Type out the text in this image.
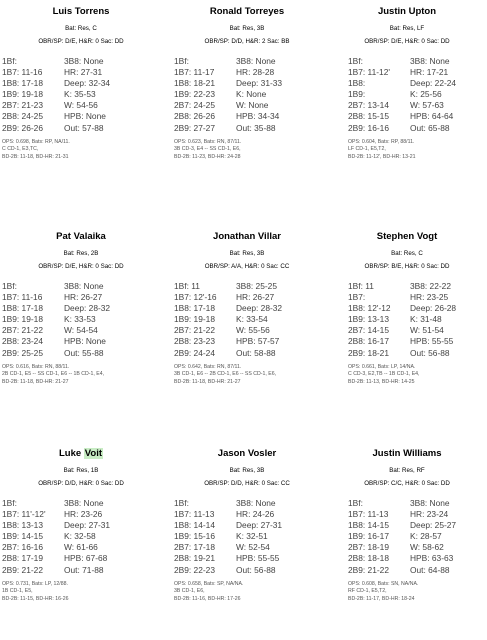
Luis Torrens
Bat: Res, C
OBR/SP: D/E, H&R: 0 Sac: DD
1Bf:	3B8: None
1B7: 11-16	HR: 27-31
1B8: 17-18	Deep: 32-34
1B9: 19-18	K: 35-53
2B7: 21-23	W: 54-56
2B8: 24-25	HPB: None
2B9: 26-26	Out: 57-88
OPS: 0.698, Bats: RP, NA/11.
C CD-1, E3,TC,
BD-2B: 11-18, BD-HR: 21-31
Ronald Torreyes
Bat: Res, 3B
OBR/SP: D/D, H&R: 2 Sac: BB
1Bf:	3B8: None
1B7: 11-17	HR: 28-28
1B8: 18-21	Deep: 31-33
1B9: 22-23	K: None
2B7: 24-25	W: None
2B8: 26-26	HPB: 34-34
2B9: 27-27	Out: 35-88
OPS: 0.623, Bats: RN, 87/11.
3B CD-3, E4 -- SS CD-1, E6,
BD-2B: 11-23, BD-HR: 24-28
Justin Upton
Bat: Res, LF
OBR/SP: D/E, H&R: 0 Sac: DD
1Bf:	3B8: None
1B7: 11-12' HR: 17-21
1B8:	Deep: 22-24
1B9:	K: 25-56
2B7: 13-14	W: 57-63
2B8: 15-15	HPB: 64-64
2B9: 16-16	Out: 65-88
OPS: 0.604, Bats: RP, 88/11.
LF CD-1, E5,T2,
BD-2B: 11-12', BD-HR: 13-21
Pat Valaika
Bat: Res, 2B
OBR/SP: D/E, H&R: 0 Sac: DD
1Bf:	3B8: None
1B7: 11-16	HR: 26-27
1B8: 17-18	Deep: 28-32
1B9: 19-18	K: 33-53
2B7: 21-22	W: 54-54
2B8: 23-24	HPB: None
2B9: 25-25	Out: 55-88
OPS: 0.616, Bats: RN, 88/11.
2B CD-1, E5 -- SS CD-1, E6 -- 1B CD-1, E4,
BD-2B: 11-18, BD-HR: 21-27
Jonathan Villar
Bat: Res, 3B
OBR/SP: A/A, H&R: 0 Sac: CC
1Bf: 11	3B8: 25-25
1B7: 12'-16 HR: 26-27
1B8: 17-18	Deep: 28-32
1B9: 19-18	K: 33-54
2B7: 21-22	W: 55-56
2B8: 23-23	HPB: 57-57
2B9: 24-24	Out: 58-88
OPS: 0.642, Bats: RN, 87/11.
3B CD-1, E6 -- 2B CD-1, E6 -- SS CD-1, E6,
BD-2B: 11-18, BD-HR: 21-27
Stephen Vogt
Bat: Res, C
OBR/SP: B/E, H&R: 0 Sac: DD
1Bf: 11	3B8: 22-22
1B7:	HR: 23-25
1B8: 12'-12 Deep: 26-28
1B9: 13-13	K: 31-48
2B7: 14-15	W: 51-54
2B8: 16-17	HPB: 55-55
2B9: 18-21	Out: 56-88
OPS: 0.661, Bats: LP, 14/NA.
C CD-3, E2,TB -- 1B CD-1, E4,
BD-2B: 11-13, BD-HR: 14-25
Luke Voit
Bat: Res, 1B
OBR/SP: D/D, H&R: 0 Sac: DD
1Bf:	3B8: None
1B7: 11'-12' HR: 23-26
1B8: 13-13	Deep: 27-31
1B9: 14-15	K: 32-58
2B7: 16-16	W: 61-66
2B8: 17-19	HPB: 67-68
2B9: 21-22	Out: 71-88
OPS: 0.731, Bats: LP, 12/88.
1B CD-1, E5,
BD-2B: 11-15, BD-HR: 16-26
Jason Vosler
Bat: Res, 3B
OBR/SP: D/D, H&R: 0 Sac: CC
1Bf:	3B8: None
1B7: 11-13	HR: 24-26
1B8: 14-14	Deep: 27-31
1B9: 15-16	K: 32-51
2B7: 17-18	W: 52-54
2B8: 19-21	HPB: 55-55
2B9: 22-23	Out: 56-88
OPS: 0.658, Bats: SP, NA/NA.
3B CD-1, E6,
BD-2B: 11-16, BD-HR: 17-26
Justin Williams
Bat: Res, RF
OBR/SP: C/C, H&R: 0 Sac: DD
1Bf:	3B8: None
1B7: 11-13	HR: 23-24
1B8: 14-15	Deep: 25-27
1B9: 16-17	K: 28-57
2B7: 18-19	W: 58-62
2B8: 18-18	HPB: 63-63
2B9: 21-22	Out: 64-88
OPS: 0.608, Bats: SN, NA/NA.
RF CD-1, E5,T2,
BD-2B: 11-17, BD-HR: 18-24
